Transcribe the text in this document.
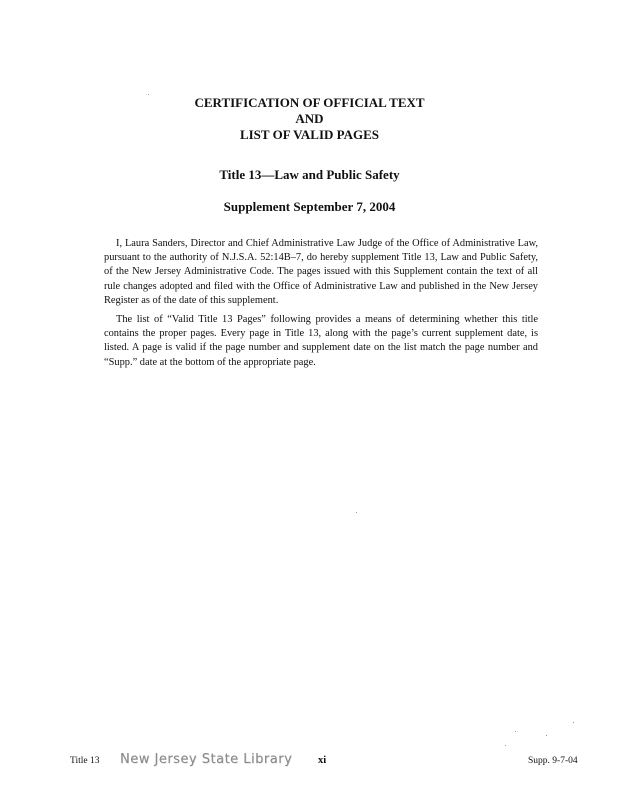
CERTIFICATION OF OFFICIAL TEXT
AND
LIST OF VALID PAGES
Title 13—Law and Public Safety
Supplement September 7, 2004

I, Laura Sanders, Director and Chief Administrative Law Judge of the Office of Administrative Law, pursuant to the authority of N.J.S.A. 52:14B–7, do hereby supplement Title 13, Law and Public Safety, of the New Jersey Administrative Code. The pages issued with this Supplement contain the text of all rule changes adopted and filed with the Office of Administrative Law and published in the New Jersey Register as of the date of this supplement.

The list of “Valid Title 13 Pages” following provides a means of determining whether this title contains the proper pages. Every page in Title 13, along with the page’s current supplement date, is listed. A page is valid if the page number and supplement date on the list match the page number and “Supp.” date at the bottom of the appropriate page.

Title 13 New Jersey State Library xi	Supp. 9-7-04
